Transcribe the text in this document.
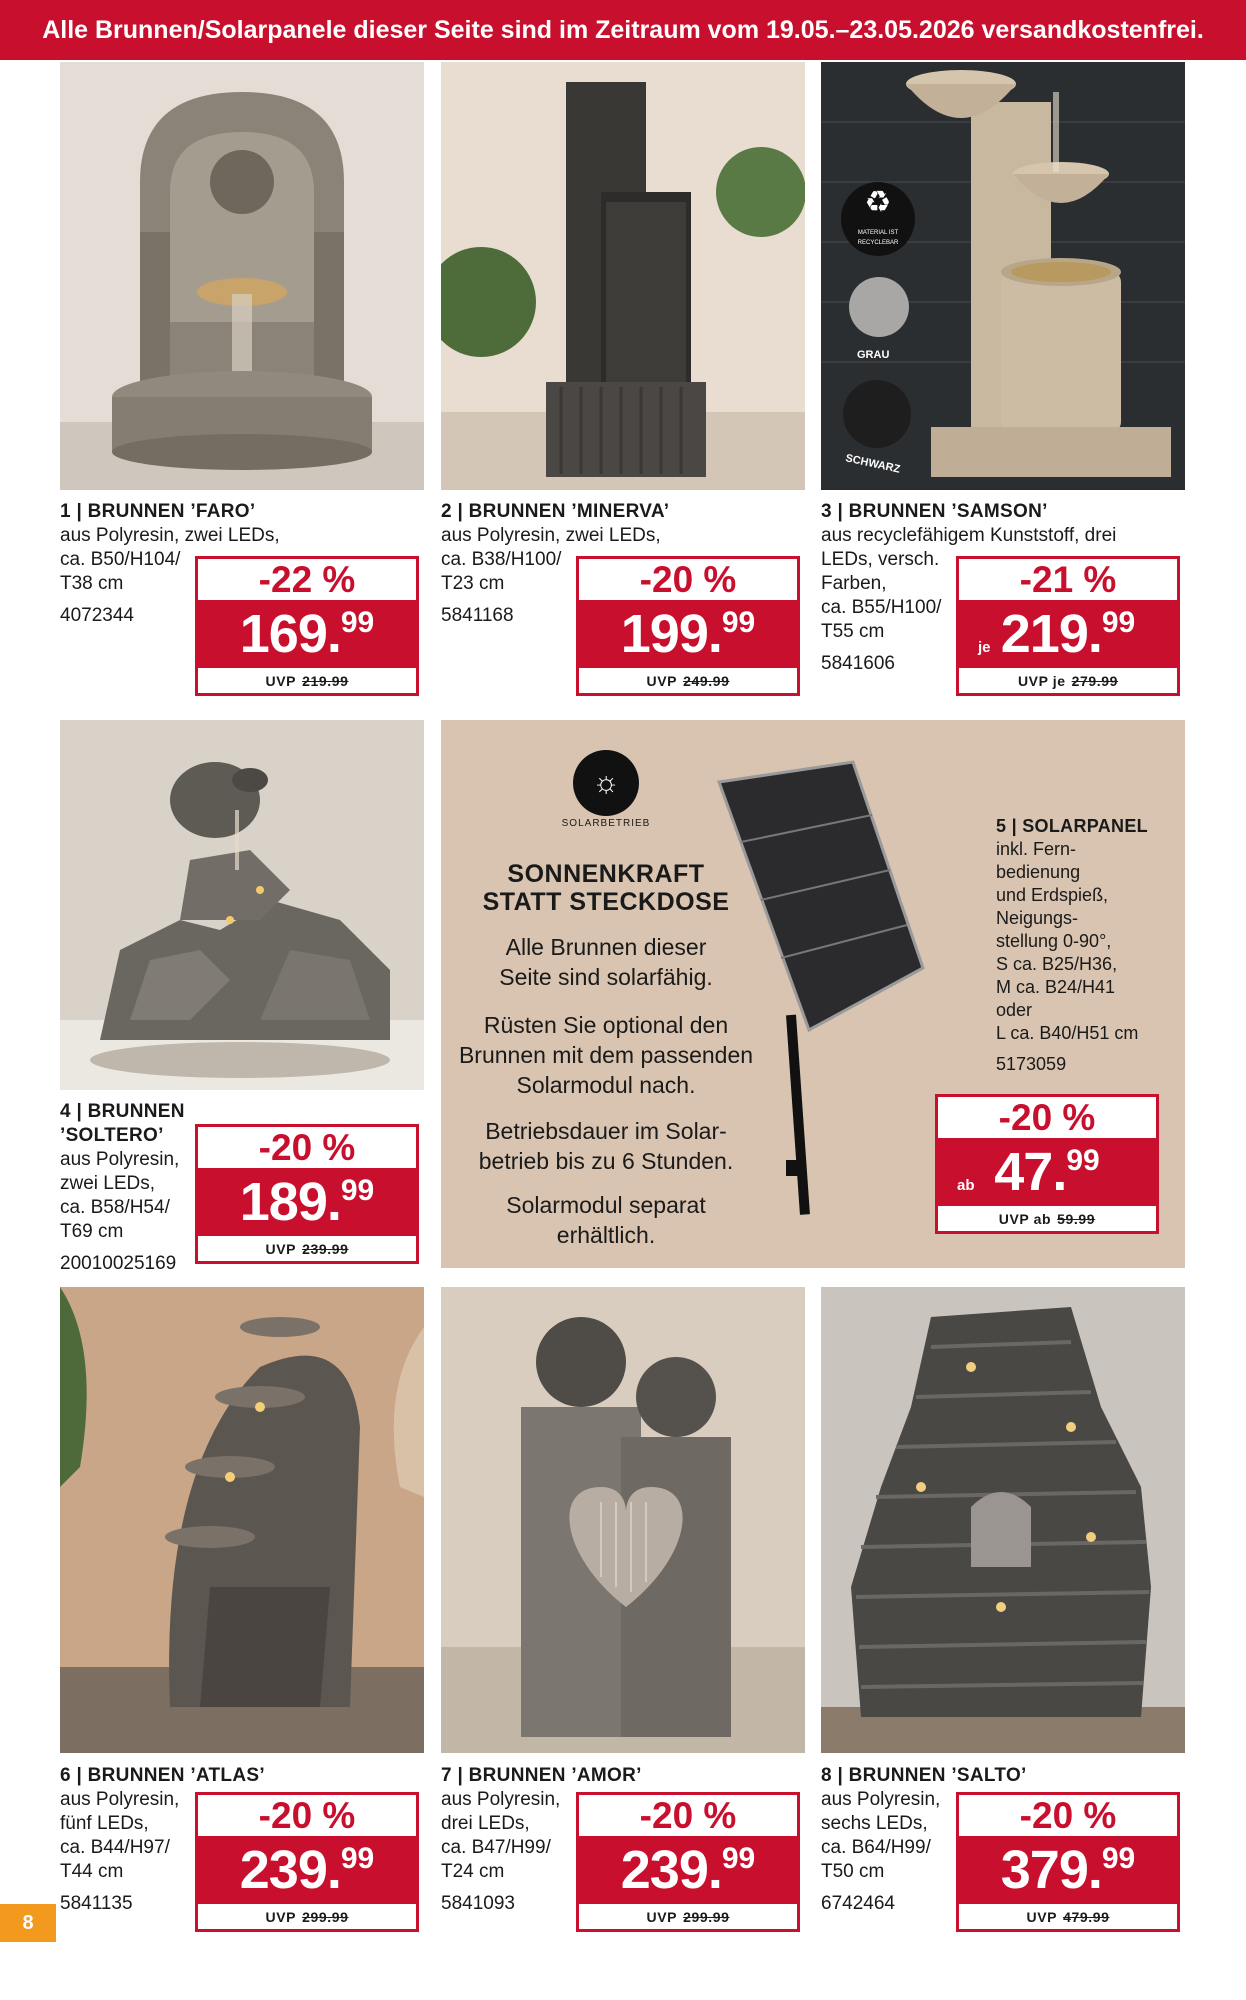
Alle Brunnen/Solarpanele dieser Seite sind im Zeitraum vom 19.05.–23.05.2026 versandkostenfrei.
♻
MATERIAL IST RECYCLEBAR
GRAU
SCHWARZ
1 | BRUNNEN ’FARO’
aus Polyresin, zwei LEDs,
ca. B50/H104/
T38 cm
4072344
-22 %
169. 99
UVP 219.99
2 | BRUNNEN ’MINERVA’
aus Polyresin, zwei LEDs,
ca. B38/H100/
T23 cm
5841168
-20 %
199. 99
UVP 249.99
3 | BRUNNEN ’SAMSON’
aus recyclefähigem Kunststoff, drei
LEDs, versch.
Farben,
ca. B55/H100/
T55 cm
5841606
-21 %
je 219. 99
UVP je 279.99
4 | BRUNNEN
’SOLTERO’
aus Polyresin,
zwei LEDs,
ca. B58/H54/
T69 cm
20010025169
-20 %
189. 99
UVP 239.99
☼
SOLARBETRIEB
SONNENKRAFT
STATT STECKDOSE
Alle Brunnen dieser
Seite sind solarfähig.
Rüsten Sie optional den
Brunnen mit dem passenden
Solarmodul nach.
Betriebsdauer im Solar-
betrieb bis zu 6 Stunden.
Solarmodul separat
erhältlich.
5 | SOLARPANEL
inkl. Fern-
bedienung
und Erdspieß,
Neigungs-
stellung 0-90°,
S ca. B25/H36,
M ca. B24/H41
oder
L ca. B40/H51 cm
5173059
-20 %
ab 47. 99
UVP ab 59.99
6 | BRUNNEN ’ATLAS’
aus Polyresin,
fünf LEDs,
ca. B44/H97/
T44 cm
5841135
-20 %
239. 99
UVP 299.99
7 | BRUNNEN ’AMOR’
aus Polyresin,
drei LEDs,
ca. B47/H99/
T24 cm
5841093
-20 %
239. 99
UVP 299.99
8 | BRUNNEN ’SALTO’
aus Polyresin,
sechs LEDs,
ca. B64/H99/
T50 cm
6742464
-20 %
379. 99
UVP 479.99
8
